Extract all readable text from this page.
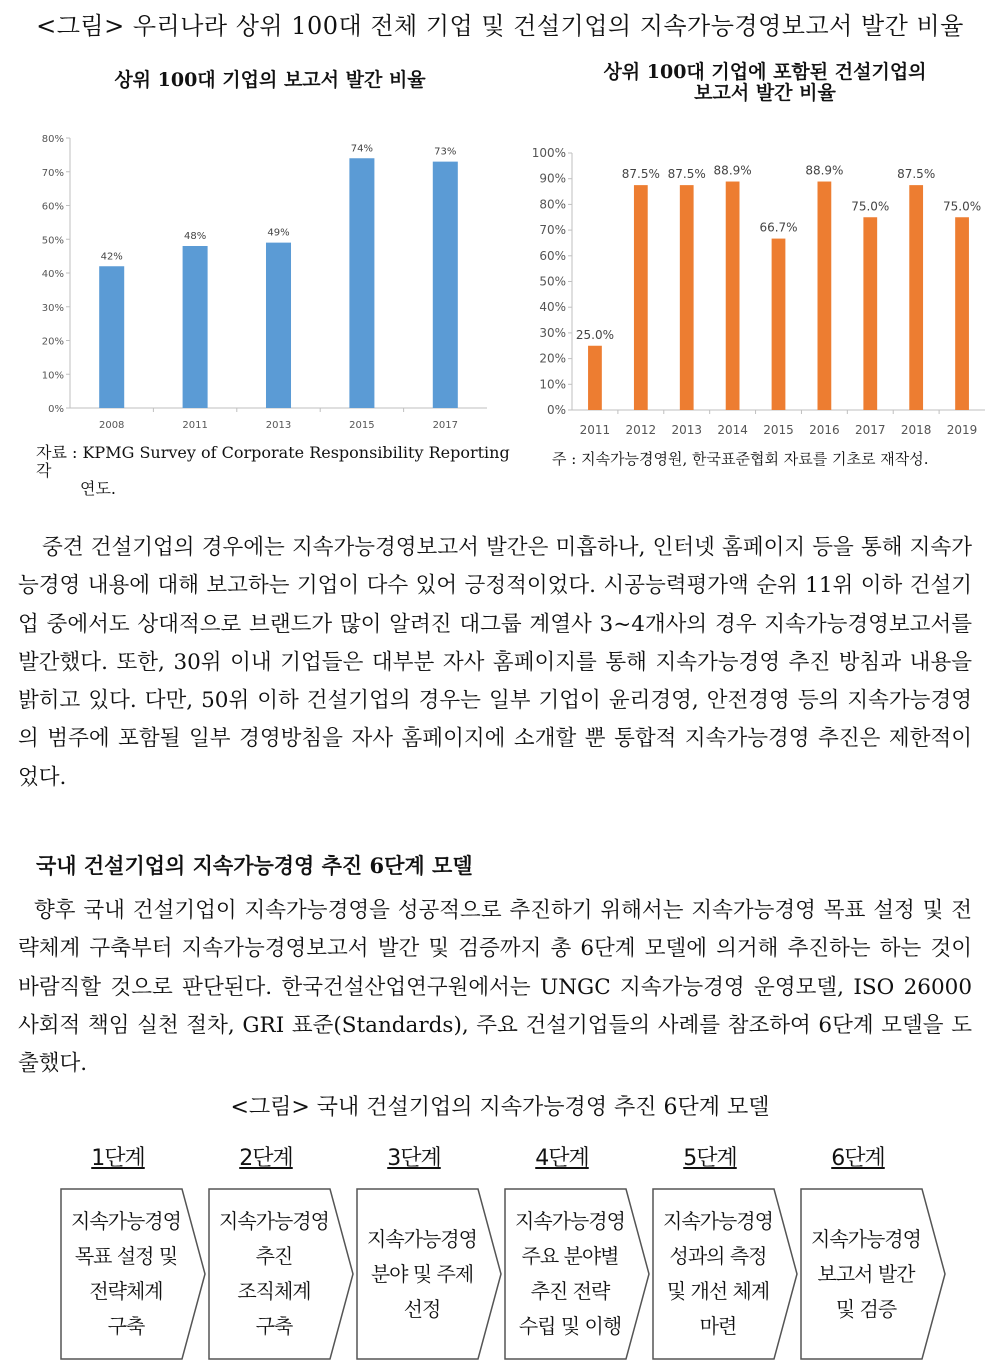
<그림> 우리나라 상위 100대 전체 기업 및 건설기업의 지속가능경영보고서 발간 비율
상위 100대 기업의 보고서 발간 비율	상위 100대 기업에 포함된 건설기업의
보고서 발간 비율
0%
10%
20%
30%
40%
50%
60%
70%
80%
42%
2008
48%
2011
49%
2013
74%
2015
73%
2017
0%
10%
20%
30%
40%
50%
60%
70%
80%
90%
100%
25.0%
2011
87.5%
2012
87.5%
2013
88.9%
2014
66.7%
2015
88.9%
2016
75.0%
2017
87.5%
2018
75.0%
2019
자료 : KPMG Survey of Corporate Responsibility Reporting 각
연도.
주 : 지속가능경영원, 한국표준협회 자료를 기초로 재작성.

중견 건설기업의 경우에는 지속가능경영보고서 발간은 미흡하나, 인터넷 홈페이지 등을 통해 지속가능경영 내용에 대해 보고하는 기업이 다수 있어 긍정적이었다. 시공능력평가액 순위 11위 이하 건설기업 중에서도 상대적으로 브랜드가 많이 알려진 대그룹 계열사 3~4개사의 경우 지속가능경영보고서를 발간했다. 또한, 30위 이내 기업들은 대부분 자사 홈페이지를 통해 지속가능경영 추진 방침과 내용을 밝히고 있다. 다만, 50위 이하 건설기업의 경우는 일부 기업이 윤리경영, 안전경영 등의 지속가능경영의 범주에 포함될 일부 경영방침을 자사 홈페이지에 소개할 뿐 통합적 지속가능경영 추진은 제한적이었다.

국내 건설기업의 지속가능경영 추진 6단계 모델

향후 국내 건설기업이 지속가능경영을 성공적으로 추진하기 위해서는 지속가능경영 목표 설정 및 전략체계 구축부터 지속가능경영보고서 발간 및 검증까지 총 6단계 모델에 의거해 추진하는 하는 것이 바람직할 것으로 판단된다. 한국건설산업연구원에서는 UNGC 지속가능경영 운영모델, ISO 26000 사회적 책임 실천 절차, GRI 표준(Standards), 주요 건설기업들의 사례를 참조하여 6단계 모델을 도출했다.

<그림> 국내 건설기업의 지속가능경영 추진 6단계 모델
1단계	2단계	3단계	4단계	5단계	6단계
지속가능경영
목표 설정 및
전략체계
구축
지속가능경영
추진
조직체계
구축
지속가능경영
분야 및 주제
선정
지속가능경영
주요 분야별
추진 전략
수립 및 이행
지속가능경영
성과의 측정
및 개선 체계
마련
지속가능경영
보고서 발간
및 검증
